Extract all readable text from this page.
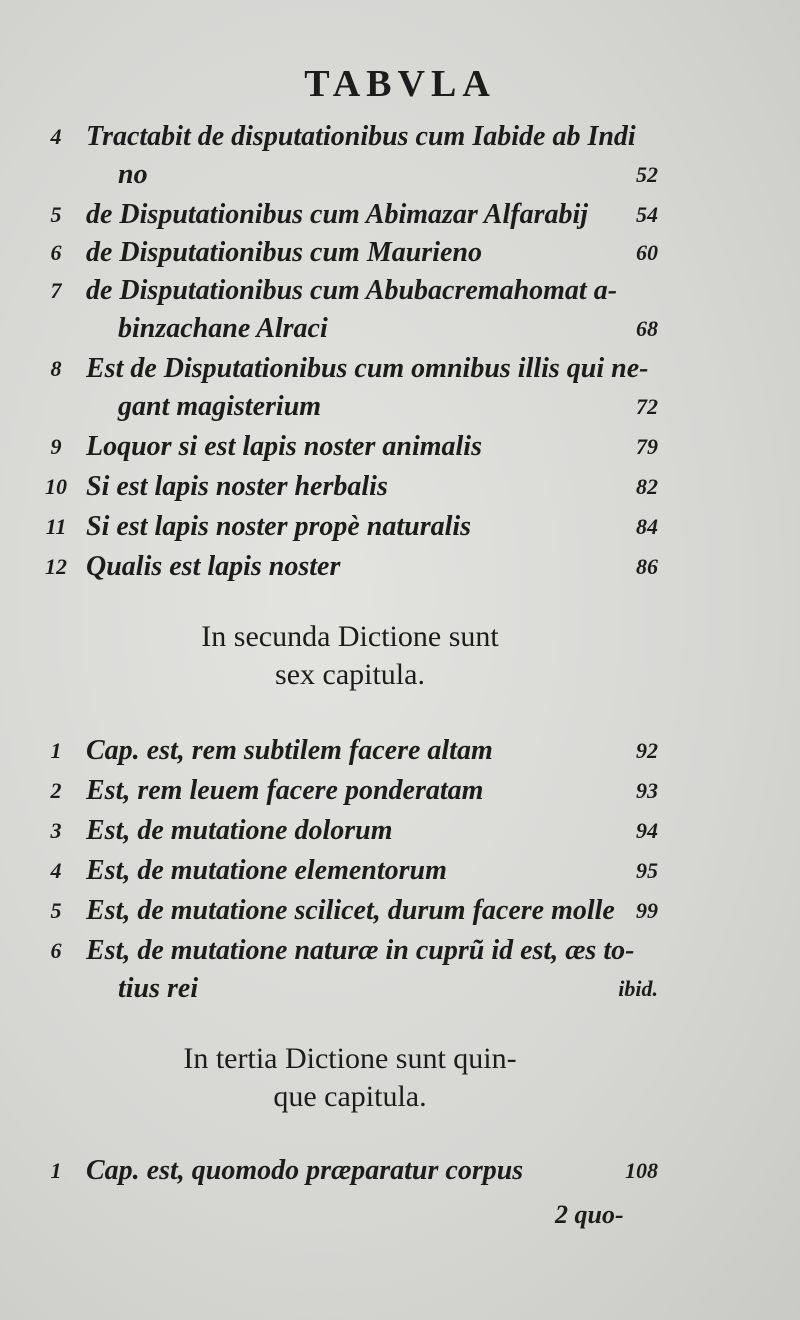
TABVLA
4 Tractabit de disputationibus cum Iabide ab Indi
no	52
5 de Disputationibus cum Abimazar Alfarabij 54
6 de Disputationibus cum Maurieno	60
7 de Disputationibus cum Abubacremahomat a-
binzachane Alraci	68
8 Est de Disputationibus cum omnibus illis qui ne-
gant magisterium	72
9 Loquor si est lapis noster animalis	79
10 Si est lapis noster herbalis	82
11 Si est lapis noster propè naturalis	84
12 Qualis est lapis noster	86
In secunda Dictione sunt
sex capitula.
1 Cap. est, rem subtilem facere altam	92
2 Est, rem leuem facere ponderatam	93
3 Est, de mutatione dolorum	94
4 Est, de mutatione elementorum	95
5 Est, de mutatione scilicet, durum facere molle 99
6 Est, de mutatione naturæ in cuprũ id est, æs to-
tius rei	ibid.
In tertia Dictione sunt quin-
que capitula.
1 Cap. est, quomodo præparatur corpus	108
2 quo-
